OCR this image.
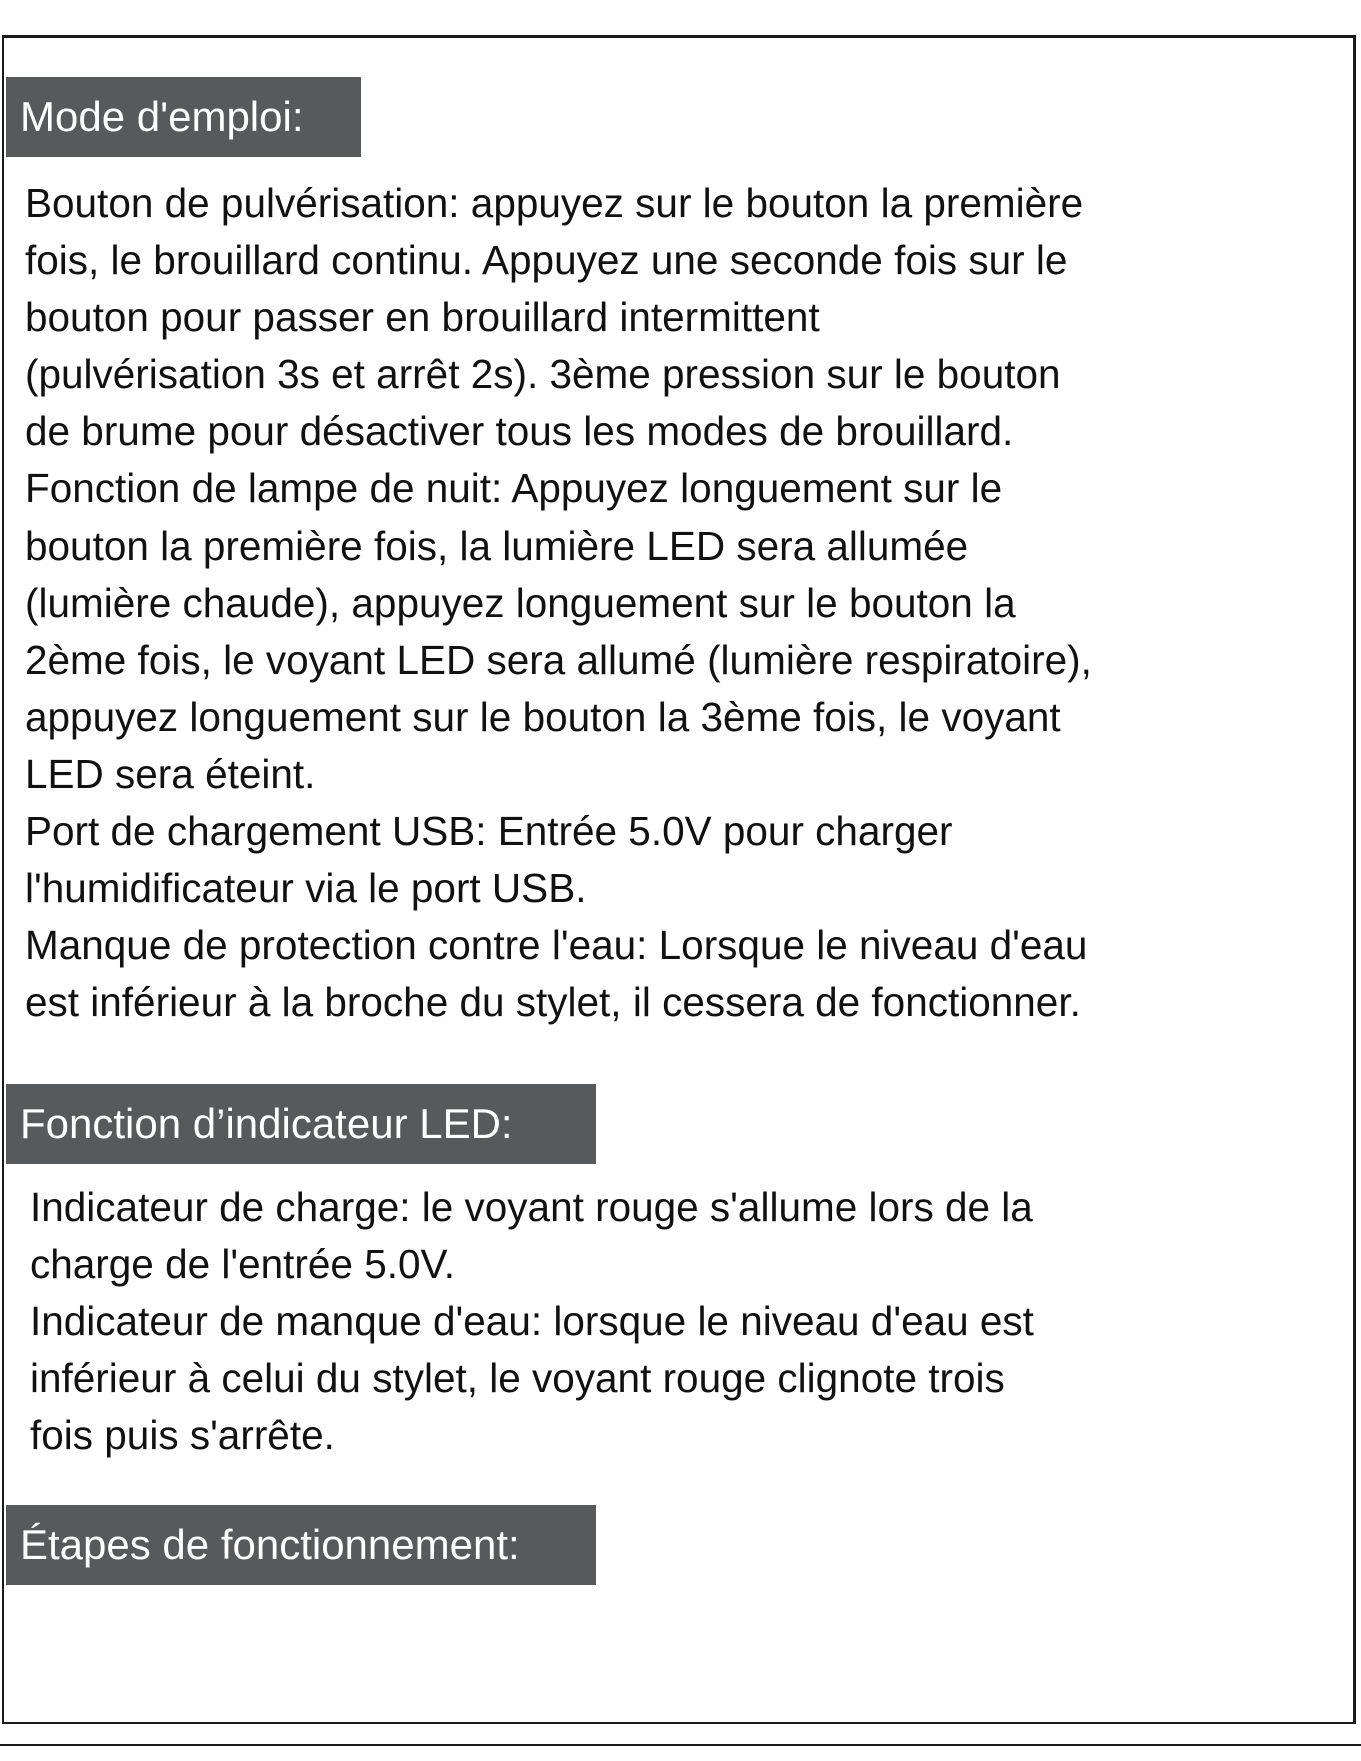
Mode d'emploi:
Bouton de pulvérisation: appuyez sur le bouton la première
fois, le brouillard continu. Appuyez une seconde fois sur le
bouton pour passer en brouillard intermittent
(pulvérisation 3s et arrêt 2s). 3ème pression sur le bouton
de brume pour désactiver tous les modes de brouillard.
Fonction de lampe de nuit: Appuyez longuement sur le
bouton la première fois, la lumière LED sera allumée
(lumière chaude), appuyez longuement sur le bouton la
2ème fois, le voyant LED sera allumé (lumière respiratoire),
appuyez longuement sur le bouton la 3ème fois, le voyant
LED sera éteint.
Port de chargement USB: Entrée 5.0V pour charger
l'humidificateur via le port USB.
Manque de protection contre l'eau: Lorsque le niveau d'eau
est inférieur à la broche du stylet, il cessera de fonctionner.
Fonction d’indicateur LED:
Indicateur de charge: le voyant rouge s'allume lors de la
charge de l'entrée 5.0V.
Indicateur de manque d'eau: lorsque le niveau d'eau est
inférieur à celui du stylet, le voyant rouge clignote trois
fois puis s'arrête.
Étapes de fonctionnement:
